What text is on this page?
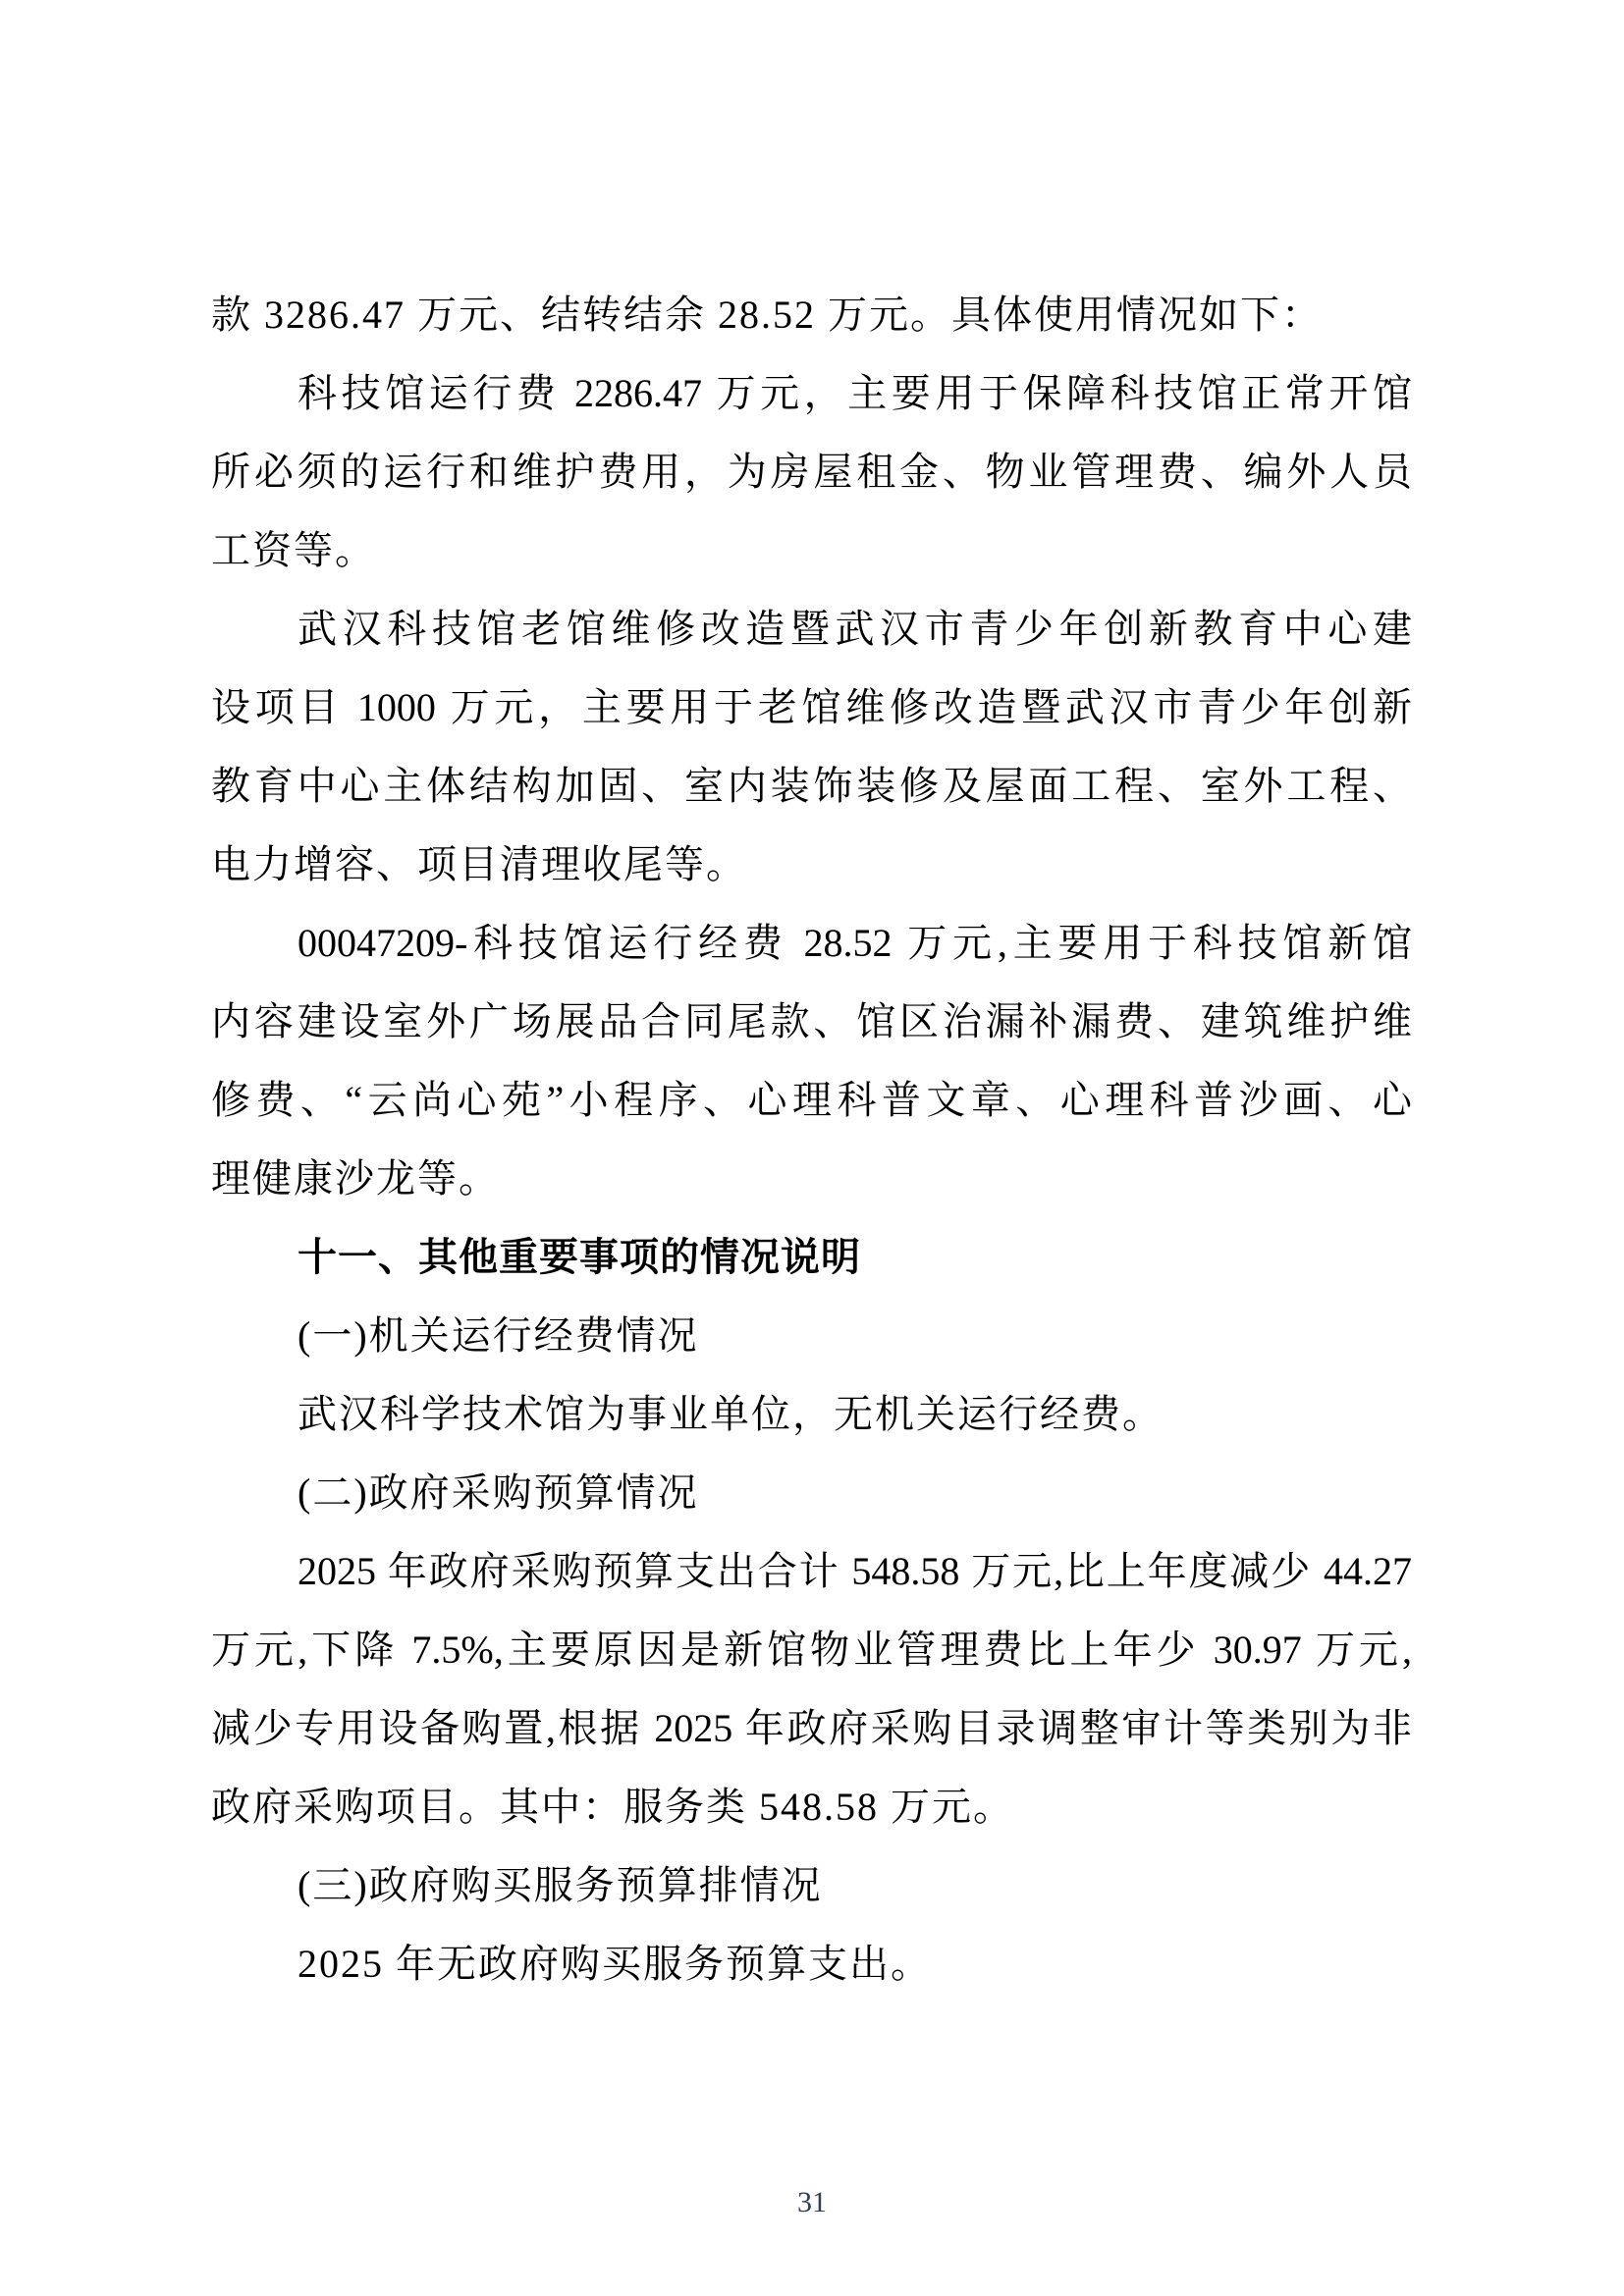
款 3286.47 万元、结转结余 28.52 万元。具体使用情况如下：
科技馆运行费 2286.47 万元，主要用于保障科技馆正常开馆
所必须的运行和维护费用，为房屋租金、物业管理费、编外人员
工资等。
武汉科技馆老馆维修改造暨武汉市青少年创新教育中心建
设项目 1000 万元，主要用于老馆维修改造暨武汉市青少年创新
教育中心主体结构加固、室内装饰装修及屋面工程、室外工程、
电力增容、项目清理收尾等。
00047209-科技馆运行经费 28.52 万元,主要用于科技馆新馆
内容建设室外广场展品合同尾款、馆区治漏补漏费、建筑维护维
修费、“云尚心苑”小程序、心理科普文章、心理科普沙画、心
理健康沙龙等。
十一、其他重要事项的情况说明
(一)机关运行经费情况
武汉科学技术馆为事业单位，无机关运行经费。
(二)政府采购预算情况
2025 年政府采购预算支出合计 548.58 万元,比上年度减少 44.27
万元,下降 7.5%,主要原因是新馆物业管理费比上年少 30.97 万元,
减少专用设备购置,根据 2025 年政府采购目录调整审计等类别为非
政府采购项目。其中：服务类 548.58 万元。
(三)政府购买服务预算排情况
2025 年无政府购买服务预算支出。
31
